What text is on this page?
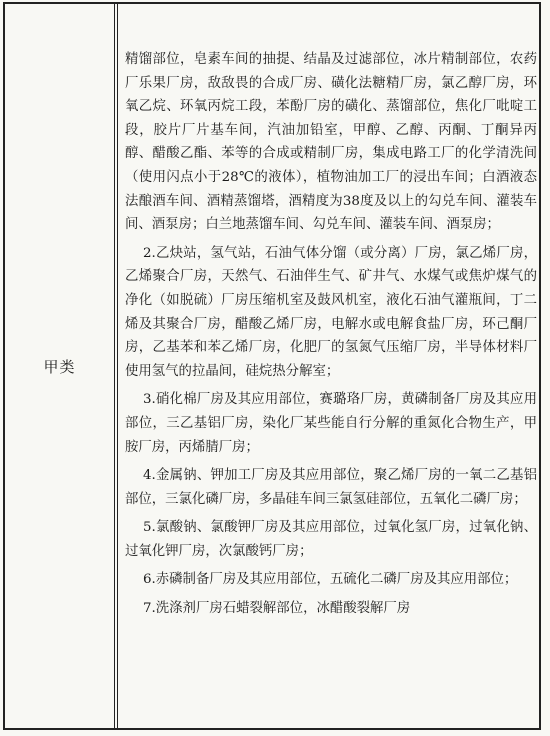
甲类

精馏部位，皂素车间的抽提、结晶及过滤部位，冰片精制部位，农药厂乐果厂房，敌敌畏的合成厂房、磺化法糖精厂房，氯乙醇厂房，环氧乙烷、环氧丙烷工段，苯酚厂房的磺化、蒸馏部位，焦化厂吡啶工段，胶片厂片基车间，汽油加铅室，甲醇、乙醇、丙酮、丁酮异丙醇、醋酸乙酯、苯等的合成或精制厂房，集成电路工厂的化学清洗间（使用闪点小于28℃的液体），植物油加工厂的浸出车间；白酒液态法酿酒车间、酒精蒸馏塔，酒精度为38度及以上的勾兑车间、灌装车间、酒泵房；白兰地蒸馏车间、勾兑车间、灌装车间、酒泵房；

2.乙炔站，氢气站，石油气体分馏（或分离）厂房，氯乙烯厂房，乙烯聚合厂房，天然气、石油伴生气、矿井气、水煤气或焦炉煤气的净化（如脱硫）厂房压缩机室及鼓风机室，液化石油气灌瓶间，丁二烯及其聚合厂房，醋酸乙烯厂房，电解水或电解食盐厂房，环己酮厂房，乙基苯和苯乙烯厂房，化肥厂的氢氮气压缩厂房，半导体材料厂使用氢气的拉晶间，硅烷热分解室；

3.硝化棉厂房及其应用部位，赛璐珞厂房，黄磷制备厂房及其应用部位，三乙基铝厂房，染化厂某些能自行分解的重氮化合物生产，甲胺厂房，丙烯腈厂房；

4.金属钠、钾加工厂房及其应用部位，聚乙烯厂房的一氧二乙基铝部位，三氯化磷厂房，多晶硅车间三氯氢硅部位，五氧化二磷厂房；

5.氯酸钠、氯酸钾厂房及其应用部位，过氧化氢厂房，过氧化钠、过氧化钾厂房，次氯酸钙厂房；

6.赤磷制备厂房及其应用部位，五硫化二磷厂房及其应用部位；

7.洗涤剂厂房石蜡裂解部位，冰醋酸裂解厂房
